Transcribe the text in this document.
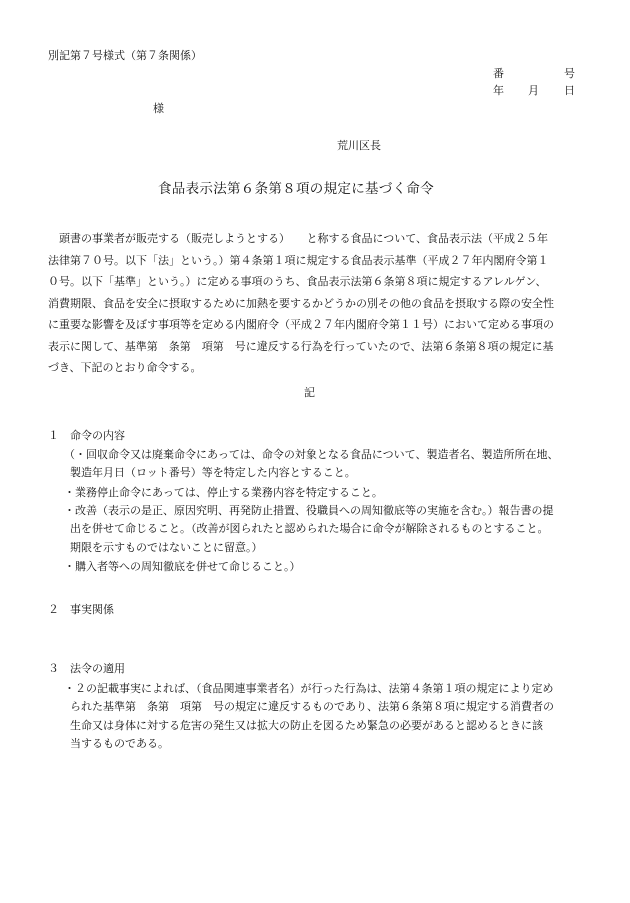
別記第７号様式（第７条関係）
番	号
年 月 日
様
荒川区長
食品表示法第６条第８項の規定に基づく命令
頭書の事業者が販売する（販売しようとする）　　と称する食品について、食品表示法（平成２５年
法律第７０号。以下「法」という。）第４条第１項に規定する食品表示基準（平成２７年内閣府令第１
０号。以下「基準」という。）に定める事項のうち、食品表示法第６条第８項に規定するアレルゲン、
消費期限、食品を安全に摂取するために加熱を要するかどうかの別その他の食品を摂取する際の安全性
に重要な影響を及ぼす事項等を定める内閣府令（平成２７年内閣府令第１１号）において定める事項の
表示に関して、基準第　条第　項第　号に違反する行為を行っていたので、法第６条第８項の規定に基
づき、下記のとおり命令する。
記
１　命令の内容
（・回収命令又は廃棄命令にあっては、命令の対象となる食品について、製造者名、製造所所在地、
製造年月日（ロット番号）等を特定した内容とすること。
・業務停止命令にあっては、停止する業務内容を特定すること。
・改善（表示の是正、原因究明、再発防止措置、役職員への周知徹底等の実施を含む。）報告書の提
出を併せて命じること。（改善が図られたと認められた場合に命令が解除されるものとすること。
期限を示すものではないことに留意。）
・購入者等への周知徹底を併せて命じること。）
２　事実関係
３　法令の適用
・２の記載事実によれば、（食品関連事業者名）が行った行為は、法第４条第１項の規定により定め
られた基準第　条第　項第　号の規定に違反するものであり、法第６条第８項に規定する消費者の
生命又は身体に対する危害の発生又は拡大の防止を図るため緊急の必要があると認めるときに該
当するものである。
